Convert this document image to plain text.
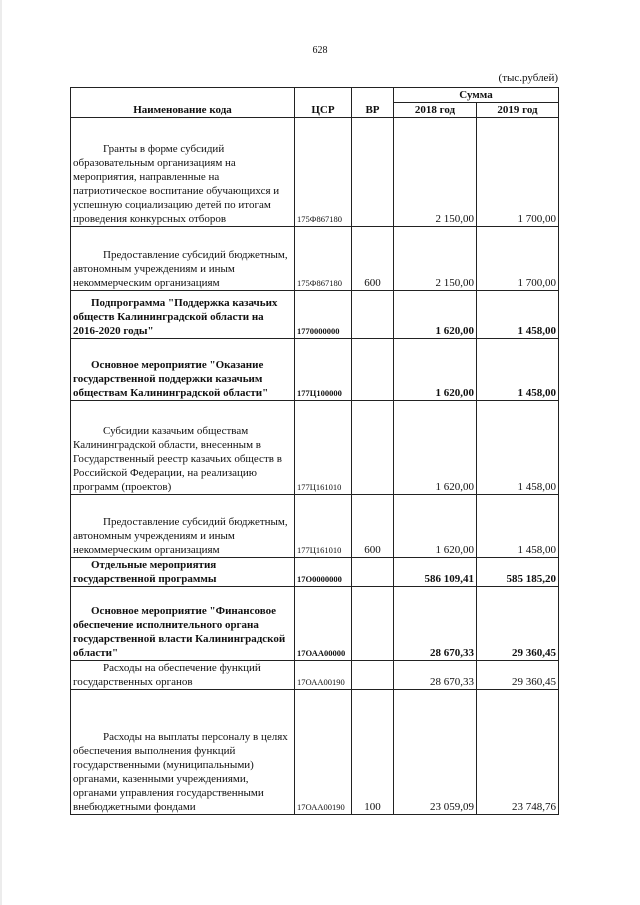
628
(тыс.рублей)
Наименование кода	ЦСР	ВР	Сумма	
			2018 год	2019 год

Гранты в форме субсидий образовательным организациям на мероприятия, направленные на патриотическое воспитание обучающихся и успешную социализацию детей по итогам проведения конкурсных отборов	175Ф867180		2 150,00	1 700,00

Предоставление субсидий бюджетным, автономным учреждениям и иным некоммерческим организациям	175Ф867180	600	2 150,00	1 700,00

Подпрограмма "Поддержка казачьих обществ Калининградской области на 2016-2020 годы"	1770000000		1 620,00	1 458,00

Основное мероприятие "Оказание государственной поддержки казачьим обществам Калининградской области"	177Ц100000		1 620,00	1 458,00

Субсидии казачьим обществам Калининградской области, внесенным в Государственный реестр казачьих обществ в Российской Федерации, на реализацию программ (проектов)	177Ц161010		1 620,00	1 458,00

Предоставление субсидий бюджетным, автономным учреждениям и иным некоммерческим организациям	177Ц161010	600	1 620,00	1 458,00

Отдельные мероприятия государственной программы	17О0000000		586 109,41	585 185,20

Основное мероприятие "Финансовое обеспечение исполнительного органа государственной власти Калининградской области"	17ОАА00000		28 670,33	29 360,45

Расходы на обеспечение функций государственных органов	17ОАА00190		28 670,33	29 360,45

Расходы на выплаты персоналу в целях обеспечения выполнения функций государственными (муниципальными) органами, казенными учреждениями, органами управления государственными внебюджетными фондами	17ОАА00190	100	23 059,09	23 748,76
